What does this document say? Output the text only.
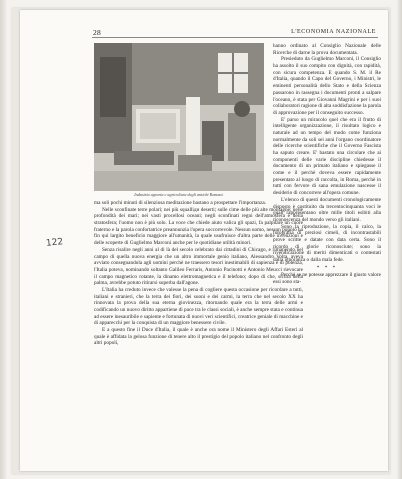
28	L'ECONOMIA NAZIONALE
Industria agraria e agricoltura degli antichi Romani.

ma soli pochi minuti di silenziosa meditazione bastano a prospettare l'importanza.

Nelle sconfinate terre polari; nei più squalliди deserti; sulle cime delle più alte montagne; nelle profondità dei mari; nei vasti procellosi oceani; negli sconfinati regni dell'atmosfera e della stratosfera; l'uomo non è più solo. La voce che chiede aiuto valica gli spazi, fa palpitare un cuore fraterno e la parola confortatrice preannunzia l'opera soccorrevole. Nessun uomo, nessun popolo ha fin qui largito beneficio maggiore all'umanità, la quale usufruisce d'altra parte delle invenzioni e delle scoperte di Guglielmo Marconi anche per le quotidiane utilità minori.

Senza risalire negli anni al di là del secolo celebrato dai cittadini di Chicago, e rimanendo nel campo di quella nuova energia che un altro immortale genio italiano, Alessandro Volta, aveva avviato consegnandola agli uomini perchè ne traessero tesori inestimabili di sapienza e di potenza, l'Italia poteva, nominando soltanto Galileo Ferraris, Antonio Pacinotti e Antonio Meucci rievocare il campo magnetico rotante, la dinamo elettromagnetica e il telefono; dopo di che, sicura della palma, avrebbe potuto ritirarsi superba dall'agone.

L'Italia ha creduto invece che valesse la pena di cogliere questa occasione per ricordare a tutti, italiani e stranieri, che la terra dei fiori, dei suoni e dei carmi, la terra che nel secolo XX ha rinnovata la prova della sua eterna giovinezza, ritornando quale era la terra delle armi e codificando un nuovo diritto appartiene di pace tra le classi sociali, è anche sempre stata e continua ad essere inesauribile e sapiente e fortunata di nuovi veri scientifici, creatrice geniale di macchine e di apparecchi per la conquista di un maggiore benessere civile.

E a questo fine il Duce d'Italia, il quale è anche ora nome il Ministero degli Affari Esteri al quale è affidata la gelosa funzione di tenere alto il prestigio del popolo italiano nel confronto degli altri popoli,

hanno ordinato al Consiglio Nazionale delle Ricerche di darne la prova documentata.

Presieduto da Guglielmo Marconi, il Consiglio ha assolto il suo compito con dignità, con rapidità, con sicura competenza. E quando S. M. il Re d'Italia, quando il Capo del Governo, i Ministri, le eminenti personalità dello Stato e della Scienza passarono in rassegna i documenti pronti a salpare l'oceano, è stata per Giovanni Magrini e per i suoi collaboratori ragione di alta soddisfazione la parola di approvazione per il conseguito successo.

E' parso un miracolo quel che era il frutto di intelligente organizzazione, il risultato logico e naturale ad un tempo del modo come funziona normalmente da soli sei anni l'organo coordinatore delle ricerche scientifiche che il Governo Fascista ha saputo creare. E' bastato una circolare che ai componenti delle varie discipline chiedesse il documento di un primato italiano e spiegasse il come e il perchè doveva essere rapidamente presentato al luogo di raccolta, in Roma, perchè in tutti con fervore di sana emulazione nascesse il desiderio di concorrere all'opera comune.

L'elenco di questi documenti cronologicamente disposto è costituito da trecentocinquanta voci le quali rappresentano oltre mille titoli esibiti alla riconoscenza del mondo verso gli italiani.

Sono la riproduzione, la copia, il calco, la fotografia di preziosi cimeli, di incontrastabili prove scritte e datate con data certa. Sono il ricordo di glorie riconosciute; sono la rivendicazione di meriti dimenticati o contestati dalla ignoranza o dalla mala fede.

* * *

Perchè se ne potesse apprezzare il giusto valore essi sono sta-

122
